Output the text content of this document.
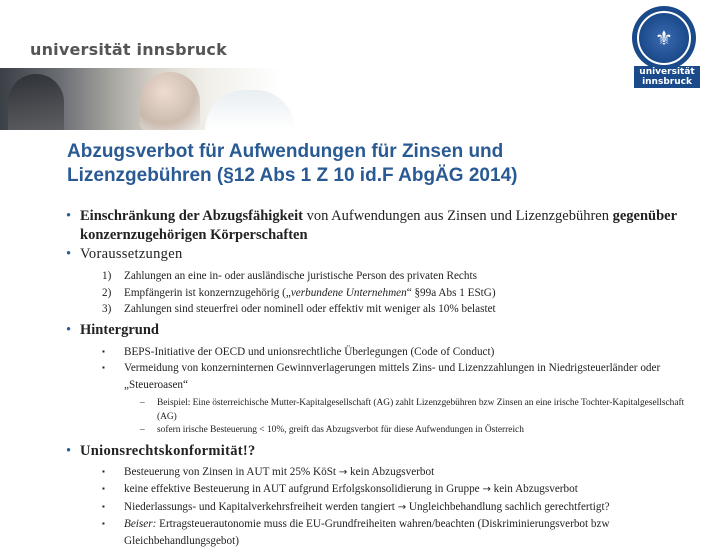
universität innsbruck	⚜
universität
innsbruck
Abzugsverbot für Aufwendungen für Zinsen und
Lizenzgebühren (§12 Abs 1 Z 10 id.F AbgÄG 2014)

• Einschränkung der Abzugsfähigkeit von Aufwendungen aus Zinsen und Lizenzgebühren gegenüber konzernzugehörigen Körperschaften

• Voraussetzungen

1) Zahlungen an eine in- oder ausländische juristische Person des privaten Rechts
2) Empfängerin ist konzernzugehörig („verbundene Unternehmen“ §99a Abs 1 EStG)
3) Zahlungen sind steuerfrei oder nominell oder effektiv mit weniger als 10% belastet

• Hintergrund

▪ BEPS-Initiative der OECD und unionsrechtliche Überlegungen (Code of Conduct)
▪ Vermeidung von konzerninternen Gewinnverlagerungen mittels Zins- und Lizenzzahlungen in Niedrigsteuerländer oder „Steueroasen“
– Beispiel: Eine österreichische Mutter-Kapitalgesellschaft (AG) zahlt Lizenzgebühren bzw Zinsen an eine irische Tochter-Kapitalgesellschaft (AG)
– sofern irische Besteuerung < 10%, greift das Abzugsverbot für diese Aufwendungen in Österreich

• Unionsrechtskonformität!?

▪ Besteuerung von Zinsen in AUT mit 25% KöSt → kein Abzugsverbot
▪ keine effektive Besteuerung in AUT aufgrund Erfolgskonsolidierung in Gruppe → kein Abzugsverbot
▪ Niederlassungs- und Kapitalverkehrsfreiheit werden tangiert → Ungleichbehandlung sachlich gerechtfertigt?
▪ Beiser: Ertragsteuerautonomie muss die EU-Grundfreiheiten wahren/beachten (Diskriminierungsverbot bzw Gleichbehandlungsgebot)
